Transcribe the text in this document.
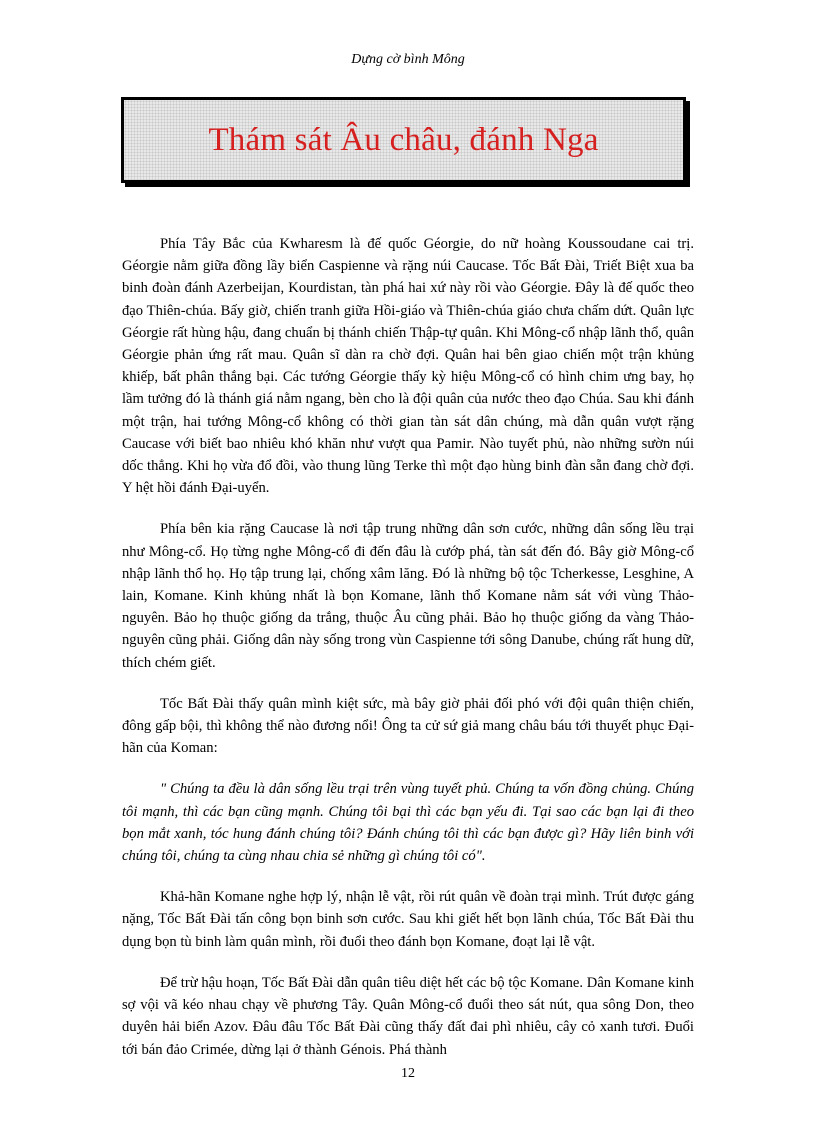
Dựng cờ bình Mông
Thám sát Âu châu, đánh Nga

Phía Tây Bắc của Kwharesm là đế quốc Géorgie, do nữ hoàng Koussoudane cai trị. Géorgie nằm giữa đồng lầy biển Caspienne và rặng núi Caucase. Tốc Bất Đài, Triết Biệt xua ba binh đoàn đánh Azerbeijan, Kourdistan, tàn phá hai xứ này rồi vào Géorgie. Đây là đế quốc theo đạo Thiên-chúa. Bấy giờ, chiến tranh giữa Hồi-giáo và Thiên-chúa giáo chưa chấm dứt. Quân lực Géorgie rất hùng hậu, đang chuẩn bị thánh chiến Thập-tự quân. Khi Mông-cổ nhập lãnh thổ, quân Géorgie phản ứng rất mau. Quân sĩ dàn ra chờ đợi. Quân hai bên giao chiến một trận khủng khiếp, bất phân thắng bại. Các tướng Géorgie thấy kỳ hiệu Mông-cổ có hình chim ưng bay, họ lầm tưởng đó là thánh giá nằm ngang, bèn cho là đội quân của nước theo đạo Chúa. Sau khi đánh một trận, hai tướng Mông-cổ không có thời gian tàn sát dân chúng, mà dẫn quân vượt rặng Caucase với biết bao nhiêu khó khăn như vượt qua Pamir. Nào tuyết phủ, nào những sườn núi dốc thẳng. Khi họ vừa đổ đồi, vào thung lũng Terke thì một đạo hùng binh đàn sẵn đang chờ đợi. Y hệt hồi đánh Đại-uyển.

Phía bên kia rặng Caucase là nơi tập trung những dân sơn cước, những dân sống lều trại như Mông-cổ. Họ từng nghe Mông-cổ đi đến đâu là cướp phá, tàn sát đến đó. Bây giờ Mông-cổ nhập lãnh thổ họ. Họ tập trung lại, chống xâm lăng. Đó là những bộ tộc Tcherkesse, Lesghine, A lain, Komane. Kinh khủng nhất là bọn Komane, lãnh thổ Komane nằm sát với vùng Thảo-nguyên. Bảo họ thuộc giống da trắng, thuộc Âu cũng phải. Bảo họ thuộc giống da vàng Thảo-nguyên cũng phải. Giống dân này sống trong vùn Caspienne tới sông Danube, chúng rất hung dữ, thích chém giết.

Tốc Bất Đài thấy quân mình kiệt sức, mà bây giờ phải đối phó với đội quân thiện chiến, đông gấp bội, thì không thể nào đương nổi! Ông ta cử sứ giả mang châu báu tới thuyết phục Đại-hãn của Koman:

" Chúng ta đều là dân sống lều trại trên vùng tuyết phủ. Chúng ta vốn đồng chủng. Chúng tôi mạnh, thì các bạn cũng mạnh. Chúng tôi bại thì các bạn yếu đi. Tại sao các bạn lại đi theo bọn mắt xanh, tóc hung đánh chúng tôi? Đánh chúng tôi thì các bạn được gì? Hãy liên binh với chúng tôi, chúng ta cùng nhau chia sẻ những gì chúng tôi có".

Khả-hãn Komane nghe hợp lý, nhận lễ vật, rồi rút quân về đoàn trại mình. Trút được gáng nặng, Tốc Bất Đài tấn công bọn binh sơn cước. Sau khi giết hết bọn lãnh chúa, Tốc Bất Đài thu dụng bọn tù binh làm quân mình, rồi đuổi theo đánh bọn Komane, đoạt lại lễ vật.

Để trừ hậu hoạn, Tốc Bất Đài dẫn quân tiêu diệt hết các bộ tộc Komane. Dân Komane kinh sợ vội vã kéo nhau chạy về phương Tây. Quân Mông-cổ đuổi theo sát nút, qua sông Don, theo duyên hải biển Azov. Đâu đâu Tốc Bất Đài cũng thấy đất đai phì nhiêu, cây cỏ xanh tươi. Đuổi tới bán đảo Crimée, dừng lại ở thành Génois. Phá thành

12
